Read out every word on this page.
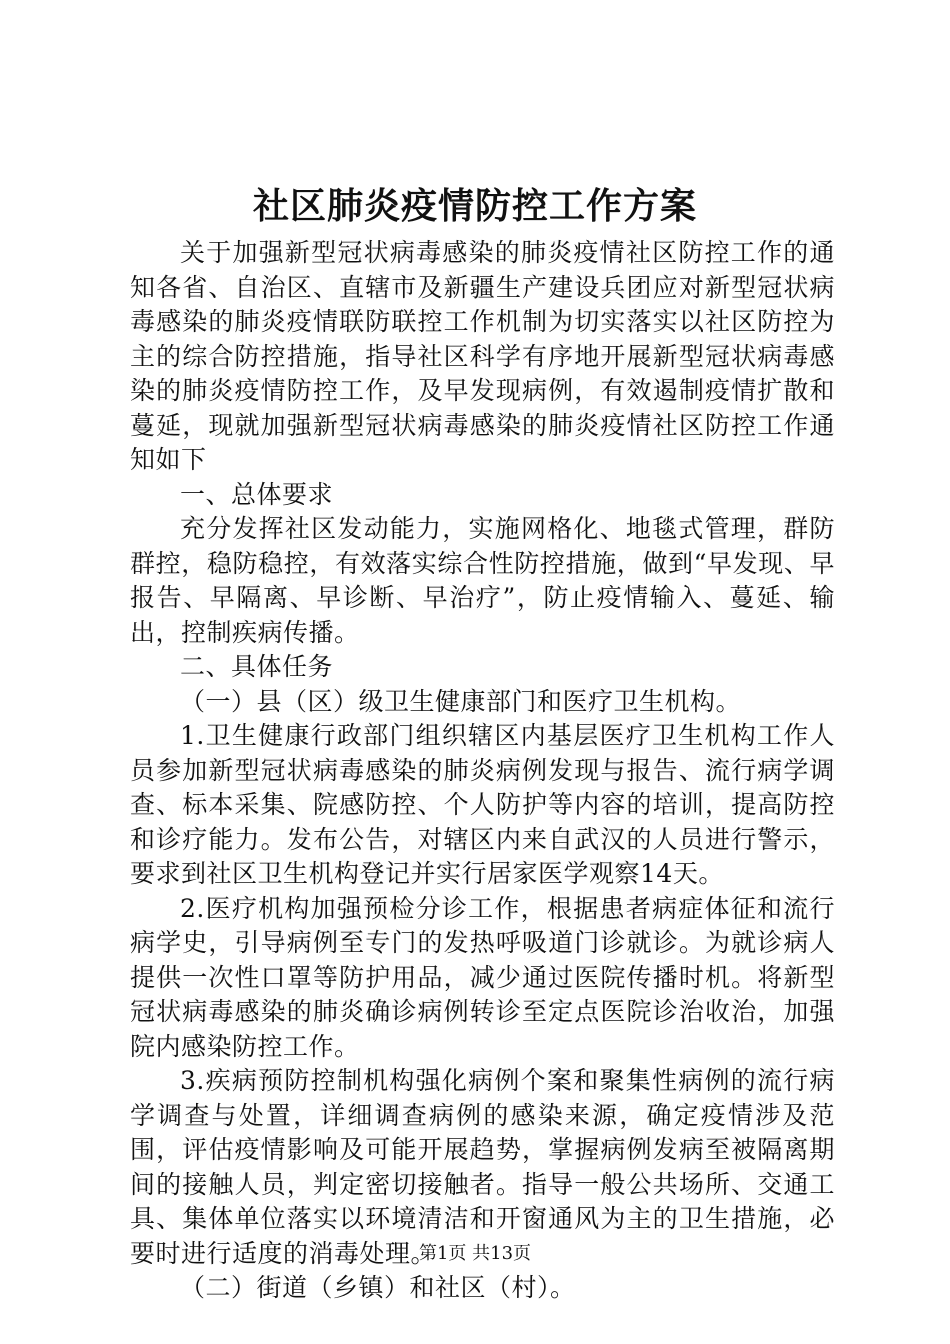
社区肺炎疫情防控工作方案

关于加强新型冠状病毒感染的肺炎疫情社区防控工作的通知各省、自治区、直辖市及新疆生产建设兵团应对新型冠状病毒感染的肺炎疫情联防联控工作机制为切实落实以社区防控为主的综合防控措施，指导社区科学有序地开展新型冠状病毒感染的肺炎疫情防控工作，及早发现病例，有效遏制疫情扩散和蔓延，现就加强新型冠状病毒感染的肺炎疫情社区防控工作通知如下

一、总体要求

充分发挥社区发动能力，实施网格化、地毯式管理，群防群控，稳防稳控，有效落实综合性防控措施，做到“早发现、早报告、早隔离、早诊断、早治疗”，防止疫情输入、蔓延、输出，控制疾病传播。

二、具体任务

（一）县（区）级卫生健康部门和医疗卫生机构。

1.卫生健康行政部门组织辖区内基层医疗卫生机构工作人员参加新型冠状病毒感染的肺炎病例发现与报告、流行病学调查、标本采集、院感防控、个人防护等内容的培训，提高防控和诊疗能力。发布公告，对辖区内来自武汉的人员进行警示，要求到社区卫生机构登记并实行居家医学观察14天。

2.医疗机构加强预检分诊工作，根据患者病症体征和流行病学史，引导病例至专门的发热呼吸道门诊就诊。为就诊病人提供一次性口罩等防护用品，减少通过医院传播时机。将新型冠状病毒感染的肺炎确诊病例转诊至定点医院诊治收治，加强院内感染防控工作。

3.疾病预防控制机构强化病例个案和聚集性病例的流行病学调查与处置，详细调查病例的感染来源，确定疫情涉及范围，评估疫情影响及可能开展趋势，掌握病例发病至被隔离期间的接触人员，判定密切接触者。指导一般公共场所、交通工具、集体单位落实以环境清洁和开窗通风为主的卫生措施，必要时进行适度的消毒处理。

（二）街道（乡镇）和社区（村）。

第1页 共13页
